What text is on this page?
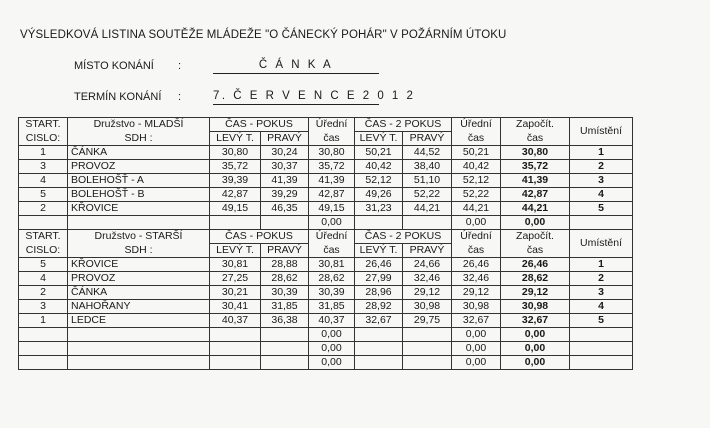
VÝSLEDKOVÁ LISTINA SOUTĚŽE MLÁDEŽE "O ČÁNECKÝ POHÁR" V POŽÁRNÍM ÚTOKU
MÍSTO KONÁNÍ :	Č Á N K A
TERMÍN KONÁNÍ :	7. Č E R V E N C E 2 0 1 2
START.	Družstvo - MLADŠÍ	ČAS - POKUS		Úřední	ČAS - 2 POKUS		Úřední	Započít.	Umístění
CISLO:	SDH :	LEVÝ T.	PRAVÝ	čas	LEVÝ T.	PRAVÝ	čas	čas	
1	ČÁNKA	30,80	30,24	30,80	50,21	44,52	50,21	30,80	1
3	PROVOZ	35,72	30,37	35,72	40,42	38,40	40,42	35,72	2
4	BOLEHOŠŤ - A	39,39	41,39	41,39	52,12	51,10	52,12	41,39	3
5	BOLEHOŠŤ - B	42,87	39,29	42,87	49,26	52,22	52,22	42,87	4
2	KŘOVICE	49,15	46,35	49,15	31,23	44,21	44,21	44,21	5
				0,00			0,00	0,00	
START.	Družstvo - STARŠÍ	ČAS - POKUS		Úřední	ČAS - 2 POKUS		Úřední	Započít.	Umístění
CISLO:	SDH :	LEVÝ T.	PRAVÝ	čas	LEVÝ T.	PRAVÝ	čas	čas	
5	KŘOVICE	30,81	28,88	30,81	26,46	24,66	26,46	26,46	1
4	PROVOZ	27,25	28,62	28,62	27,99	32,46	32,46	28,62	2
2	ČÁNKA	30,21	30,39	30,39	28,96	29,12	29,12	29,12	3
3	NAHOŘANY	30,41	31,85	31,85	28,92	30,98	30,98	30,98	4
1	LEDCE	40,37	36,38	40,37	32,67	29,75	32,67	32,67	5
				0,00			0,00	0,00	
				0,00			0,00	0,00	
				0,00			0,00	0,00	
